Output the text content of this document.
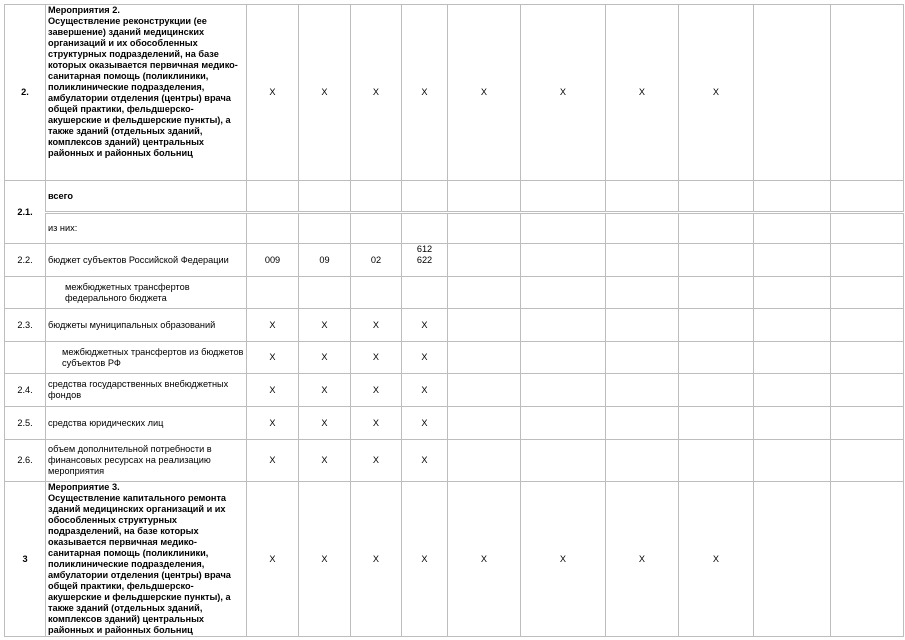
2.	Мероприятия 2.
Осуществление реконструкции (ее завершение) зданий медицинских организаций и их обособленных структурных подразделений, на базе которых оказывается первичная медико-санитарная помощь (поликлиники, поликлинические подразделения, амбулатории отделения (центры) врача общей практики, фельдшерско-акушерские и фельдшерские пункты), а также зданий (отдельных зданий, комплексов зданий) центральных районных и районных больниц	X	X	X	X	X	X	X	X		
2.1.	всего										
	из них:										
2.2.	бюджет субъектов Российской Федерации	009	09	02	612
622						
	межбюджетных трансфертов федерального бюджета										
2.3.	бюджеты муниципальных образований	X	X	X	X						
	межбюджетных трансфертов из бюджетов субъектов РФ	X	X	X	X						
2.4.	средства государственных внебюджетных фондов	X	X	X	X						
2.5.	средства юридических лиц	X	X	X	X						
2.6.	объем дополнительной потребности в финансовых ресурсах на реализацию мероприятия	X	X	X	X						
3	Мероприятие 3.
Осуществление капитального ремонта зданий медицинских организаций и их обособленных структурных подразделений, на базе которых оказывается первичная медико-санитарная помощь (поликлиники, поликлинические подразделения, амбулатории отделения (центры) врача общей практики, фельдшерско-акушерские и фельдшерские пункты), а также зданий (отдельных зданий, комплексов зданий) центральных районных и районных больниц	X	X	X	X	X	X	X	X		
